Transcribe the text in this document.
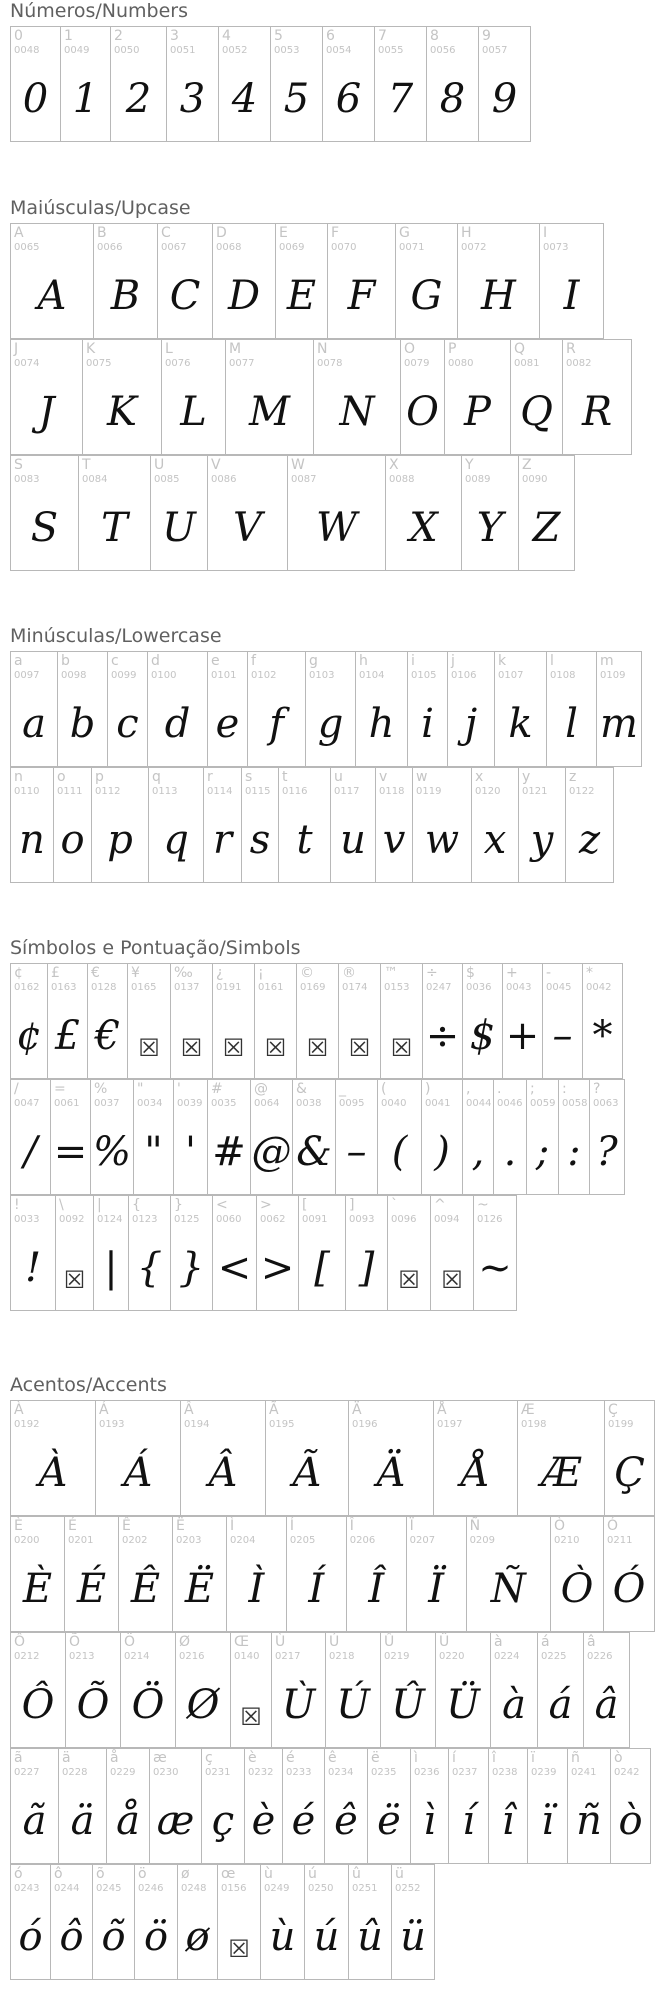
Números/Numbers
0
0048
0
1
0049
1
2
0050
2
3
0051
3
4
0052
4
5
0053
5
6
0054
6
7
0055
7
8
0056
8
9
0057
9
Maiúsculas/Upcase
A
0065
A
B
0066
B
C
0067
C
D
0068
D
E
0069
E
F
0070
F
G
0071
G
H
0072
H
I
0073
I
J
0074
J
K
0075
K
L
0076
L
M
0077
M
N
0078
N
O
0079
O
P
0080
P
Q
0081
Q
R
0082
R
S
0083
S
T
0084
T
U
0085
U
V
0086
V
W
0087
W
X
0088
X
Y
0089
Y
Z
0090
Z
Minúsculas/Lowercase
a
0097
a
b
0098
b
c
0099
c
d
0100
d
e
0101
e
f
0102
f
g
0103
g
h
0104
h
i
0105
i
j
0106
j
k
0107
k
l
0108
l
m
0109
m
n
0110
n
o
0111
o
p
0112
p
q
0113
q
r
0114
r
s
0115
s
t
0116
t
u
0117
u
v
0118
v
w
0119
w
x
0120
x
y
0121
y
z
0122
z
Símbolos e Pontuação/Simbols
¢
0162
¢
£
0163
£
€
0128
€
¥
0165
☒
‰
0137
☒
¿
0191
☒
¡
0161
☒
©
0169
☒
®
0174
☒
™
0153
☒
÷
0247
÷
$
0036
$
+
0043
+
-
0045
–
*
0042
*
/
0047
/
=
0061
=
%
0037
%
"
0034
"
'
0039
'
#
0035
#
@
0064
@
&
0038
&
_
0095
–
(
0040
(
)
0041
)
,
0044
,
.
0046
.
;
0059
;
:
0058
:
?
0063
?
!
0033
!
\
0092
☒
|
0124
|
{
0123
{
}
0125
}
<
0060
<
>
0062
>
[
0091
[
]
0093
]
`
0096
☒
^
0094
☒
~
0126
~
Acentos/Accents
À
0192
À
Á
0193
Á
Â
0194
Â
Ã
0195
Ã
Ä
0196
Ä
Å
0197
Å
Æ
0198
Æ
Ç
0199
Ç
È
0200
È
É
0201
É
Ê
0202
Ê
Ë
0203
Ë
Ì
0204
Ì
Í
0205
Í
Î
0206
Î
Ï
0207
Ï
Ñ
0209
Ñ
Ò
0210
Ò
Ó
0211
Ó
Ô
0212
Ô
Õ
0213
Õ
Ö
0214
Ö
Ø
0216
Ø
Œ
0140
☒
Ù
0217
Ù
Ú
0218
Ú
Û
0219
Û
Ü
0220
Ü
à
0224
à
á
0225
á
â
0226
â
ã
0227
ã
ä
0228
ä
å
0229
å
æ
0230
æ
ç
0231
ç
è
0232
è
é
0233
é
ê
0234
ê
ë
0235
ë
ì
0236
ì
í
0237
í
î
0238
î
ï
0239
ï
ñ
0241
ñ
ò
0242
ò
ó
0243
ó
ô
0244
ô
õ
0245
õ
ö
0246
ö
ø
0248
ø
œ
0156
☒
ù
0249
ù
ú
0250
ú
û
0251
û
ü
0252
ü
